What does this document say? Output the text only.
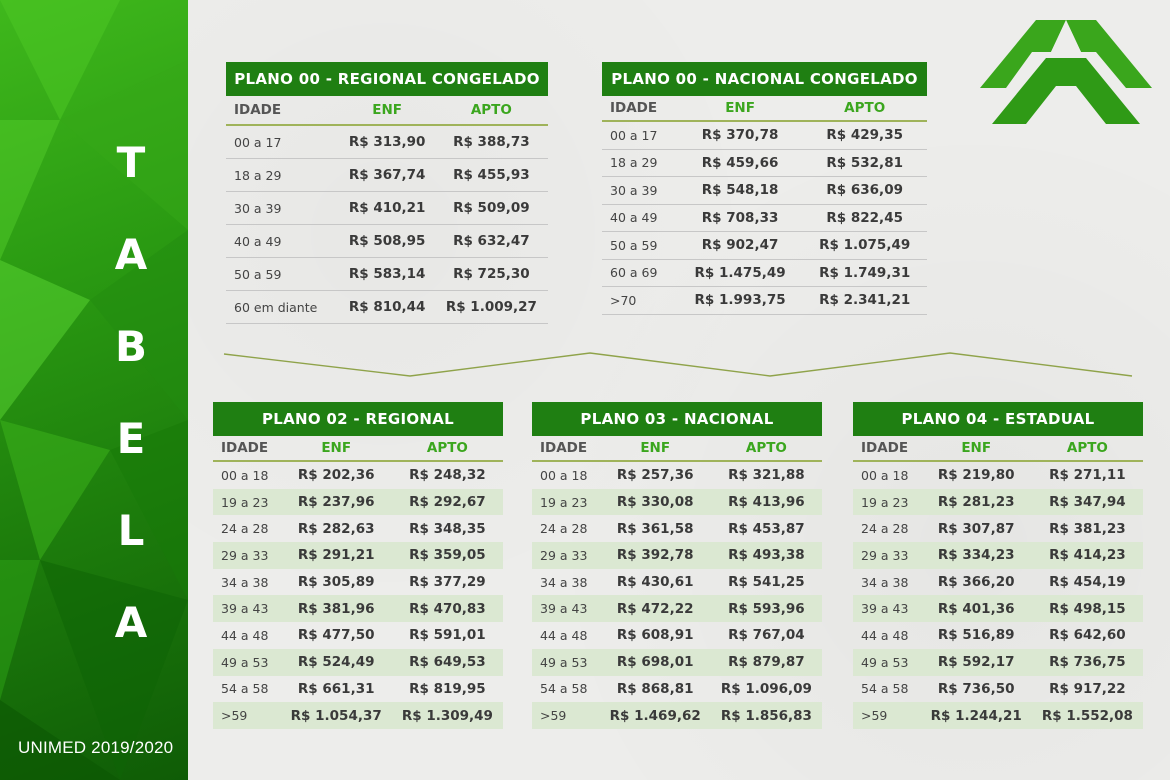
T
A
B
E
L
A
UNIMED 2019/2020
PLANO 00 - REGIONAL CONGELADO
IDADE	ENF	APTO
00 a 17	R$ 313,90	R$ 388,73
18 a 29	R$ 367,74	R$ 455,93
30 a 39	R$ 410,21	R$ 509,09
40 a 49	R$ 508,95	R$ 632,47
50 a 59	R$ 583,14	R$ 725,30
60 em diante	R$ 810,44	R$ 1.009,27
PLANO 00 - NACIONAL CONGELADO
IDADE	ENF	APTO
00 a 17	R$ 370,78	R$ 429,35
18 a 29	R$ 459,66	R$ 532,81
30 a 39	R$ 548,18	R$ 636,09
40 a 49	R$ 708,33	R$ 822,45
50 a 59	R$ 902,47	R$ 1.075,49
60 a 69	R$ 1.475,49	R$ 1.749,31
>70	R$ 1.993,75	R$ 2.341,21
PLANO 02 - REGIONAL
IDADE	ENF	APTO
00 a 18	R$ 202,36	R$ 248,32
19 a 23	R$ 237,96	R$ 292,67
24 a 28	R$ 282,63	R$ 348,35
29 a 33	R$ 291,21	R$ 359,05
34 a 38	R$ 305,89	R$ 377,29
39 a 43	R$ 381,96	R$ 470,83
44 a 48	R$ 477,50	R$ 591,01
49 a 53	R$ 524,49	R$ 649,53
54 a 58	R$ 661,31	R$ 819,95
>59	R$ 1.054,37	R$ 1.309,49
PLANO 03 - NACIONAL
IDADE	ENF	APTO
00 a 18	R$ 257,36	R$ 321,88
19 a 23	R$ 330,08	R$ 413,96
24 a 28	R$ 361,58	R$ 453,87
29 a 33	R$ 392,78	R$ 493,38
34 a 38	R$ 430,61	R$ 541,25
39 a 43	R$ 472,22	R$ 593,96
44 a 48	R$ 608,91	R$ 767,04
49 a 53	R$ 698,01	R$ 879,87
54 a 58	R$ 868,81	R$ 1.096,09
>59	R$ 1.469,62	R$ 1.856,83
PLANO 04 - ESTADUAL
IDADE	ENF	APTO
00 a 18	R$ 219,80	R$ 271,11
19 a 23	R$ 281,23	R$ 347,94
24 a 28	R$ 307,87	R$ 381,23
29 a 33	R$ 334,23	R$ 414,23
34 a 38	R$ 366,20	R$ 454,19
39 a 43	R$ 401,36	R$ 498,15
44 a 48	R$ 516,89	R$ 642,60
49 a 53	R$ 592,17	R$ 736,75
54 a 58	R$ 736,50	R$ 917,22
>59	R$ 1.244,21	R$ 1.552,08
